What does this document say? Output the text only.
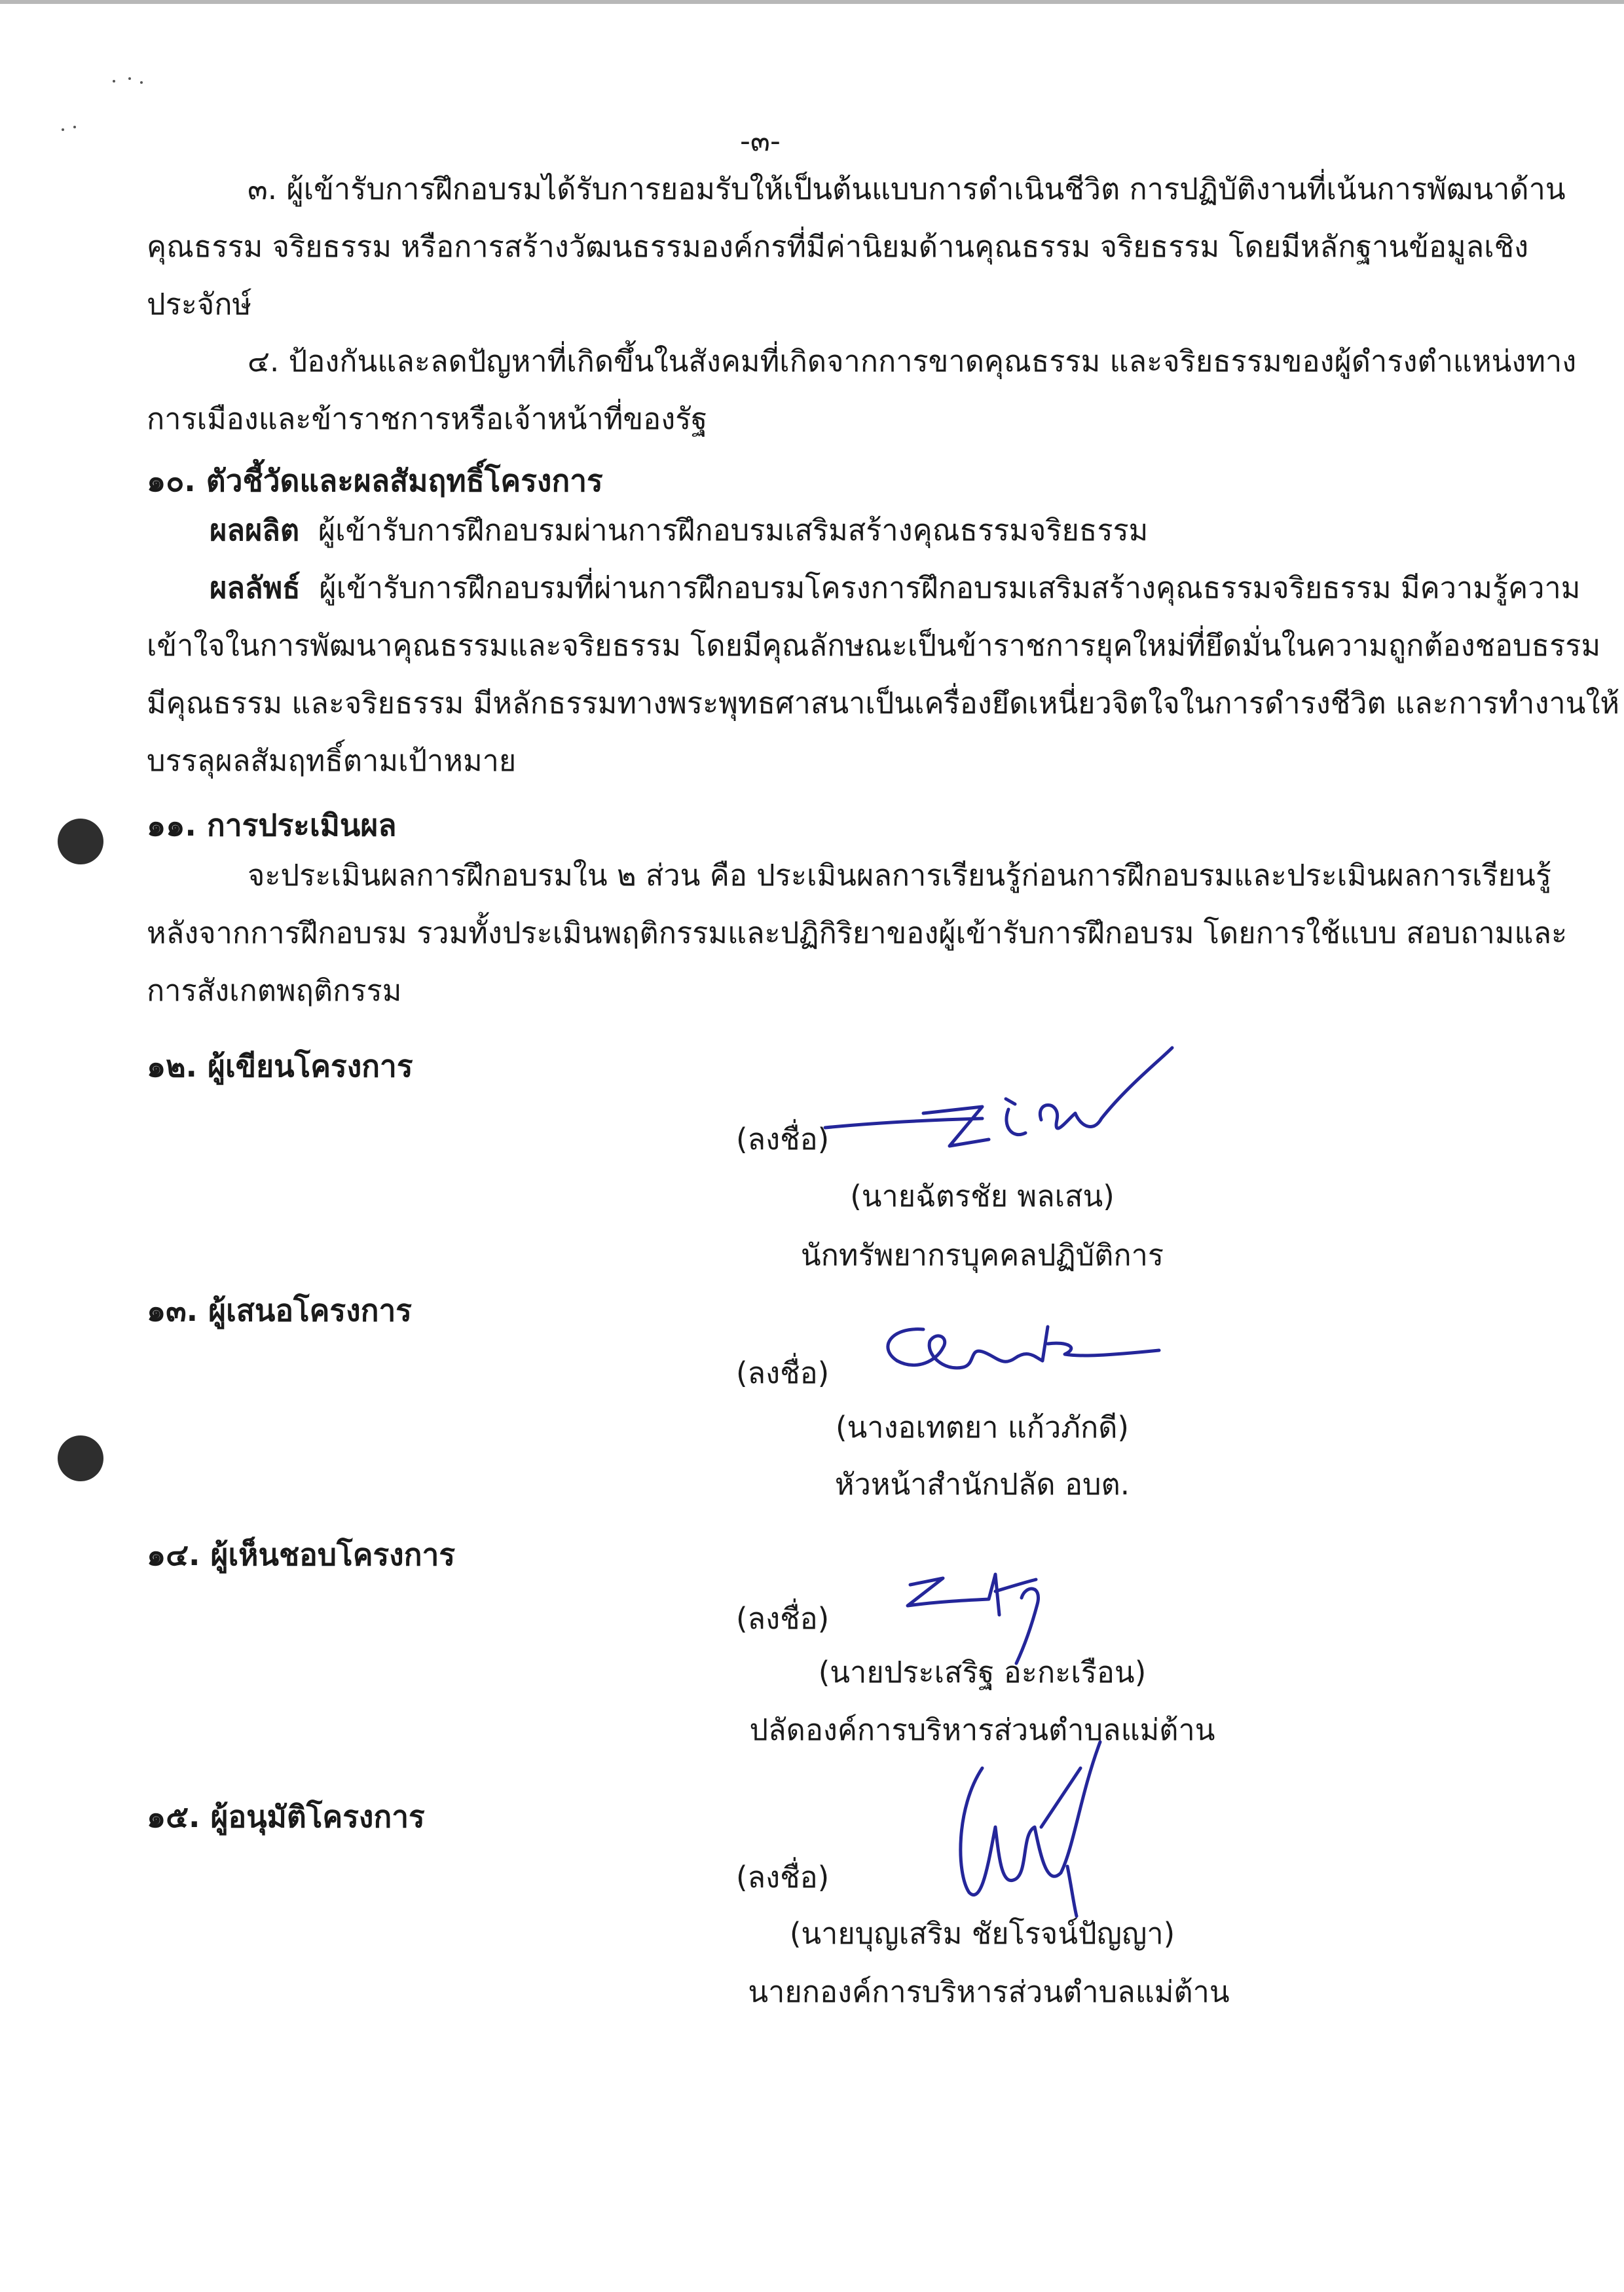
-๓-
๓. ผู้เข้ารับการฝึกอบรมได้รับการยอมรับให้เป็นต้นแบบการดำเนินชีวิต การปฏิบัติงานที่เน้นการพัฒนาด้าน
คุณธรรม จริยธรรม หรือการสร้างวัฒนธรรมองค์กรที่มีค่านิยมด้านคุณธรรม จริยธรรม โดยมีหลักฐานข้อมูลเชิง
ประจักษ์
๔. ป้องกันและลดปัญหาที่เกิดขึ้นในสังคมที่เกิดจากการขาดคุณธรรม และจริยธรรมของผู้ดำรงตำแหน่งทาง
การเมืองและข้าราชการหรือเจ้าหน้าที่ของรัฐ
๑๐. ตัวชี้วัดและผลสัมฤทธิ์โครงการ
ผลผลิต ผู้เข้ารับการฝึกอบรมผ่านการฝึกอบรมเสริมสร้างคุณธรรมจริยธรรม
ผลลัพธ์ ผู้เข้ารับการฝึกอบรมที่ผ่านการฝึกอบรมโครงการฝึกอบรมเสริมสร้างคุณธรรมจริยธรรม มีความรู้ความ
เข้าใจในการพัฒนาคุณธรรมและจริยธรรม โดยมีคุณลักษณะเป็นข้าราชการยุคใหม่ที่ยึดมั่นในความถูกต้องชอบธรรม
มีคุณธรรม และจริยธรรม มีหลักธรรมทางพระพุทธศาสนาเป็นเครื่องยึดเหนี่ยวจิตใจในการดำรงชีวิต และการทำงานให้
บรรลุผลสัมฤทธิ์ตามเป้าหมาย
๑๑. การประเมินผล
จะประเมินผลการฝึกอบรมใน ๒ ส่วน คือ ประเมินผลการเรียนรู้ก่อนการฝึกอบรมและประเมินผลการเรียนรู้
หลังจากการฝึกอบรม รวมทั้งประเมินพฤติกรรมและปฏิกิริยาของผู้เข้ารับการฝึกอบรม โดยการใช้แบบ สอบถามและ
การสังเกตพฤติกรรม
๑๒. ผู้เขียนโครงการ
(ลงชื่อ)
(นายฉัตรชัย พลเสน)
นักทรัพยากรบุคคลปฏิบัติการ
๑๓. ผู้เสนอโครงการ
(ลงชื่อ)
(นางอเทตยา แก้วภักดี)
หัวหน้าสำนักปลัด อบต.
๑๔. ผู้เห็นชอบโครงการ
(ลงชื่อ)
(นายประเสริฐ อะกะเรือน)
ปลัดองค์การบริหารส่วนตำบลแม่ต้าน
๑๕. ผู้อนุมัติโครงการ
(ลงชื่อ)
(นายบุญเสริม ชัยโรจน์ปัญญา)
นายกองค์การบริหารส่วนตำบลแม่ต้าน
